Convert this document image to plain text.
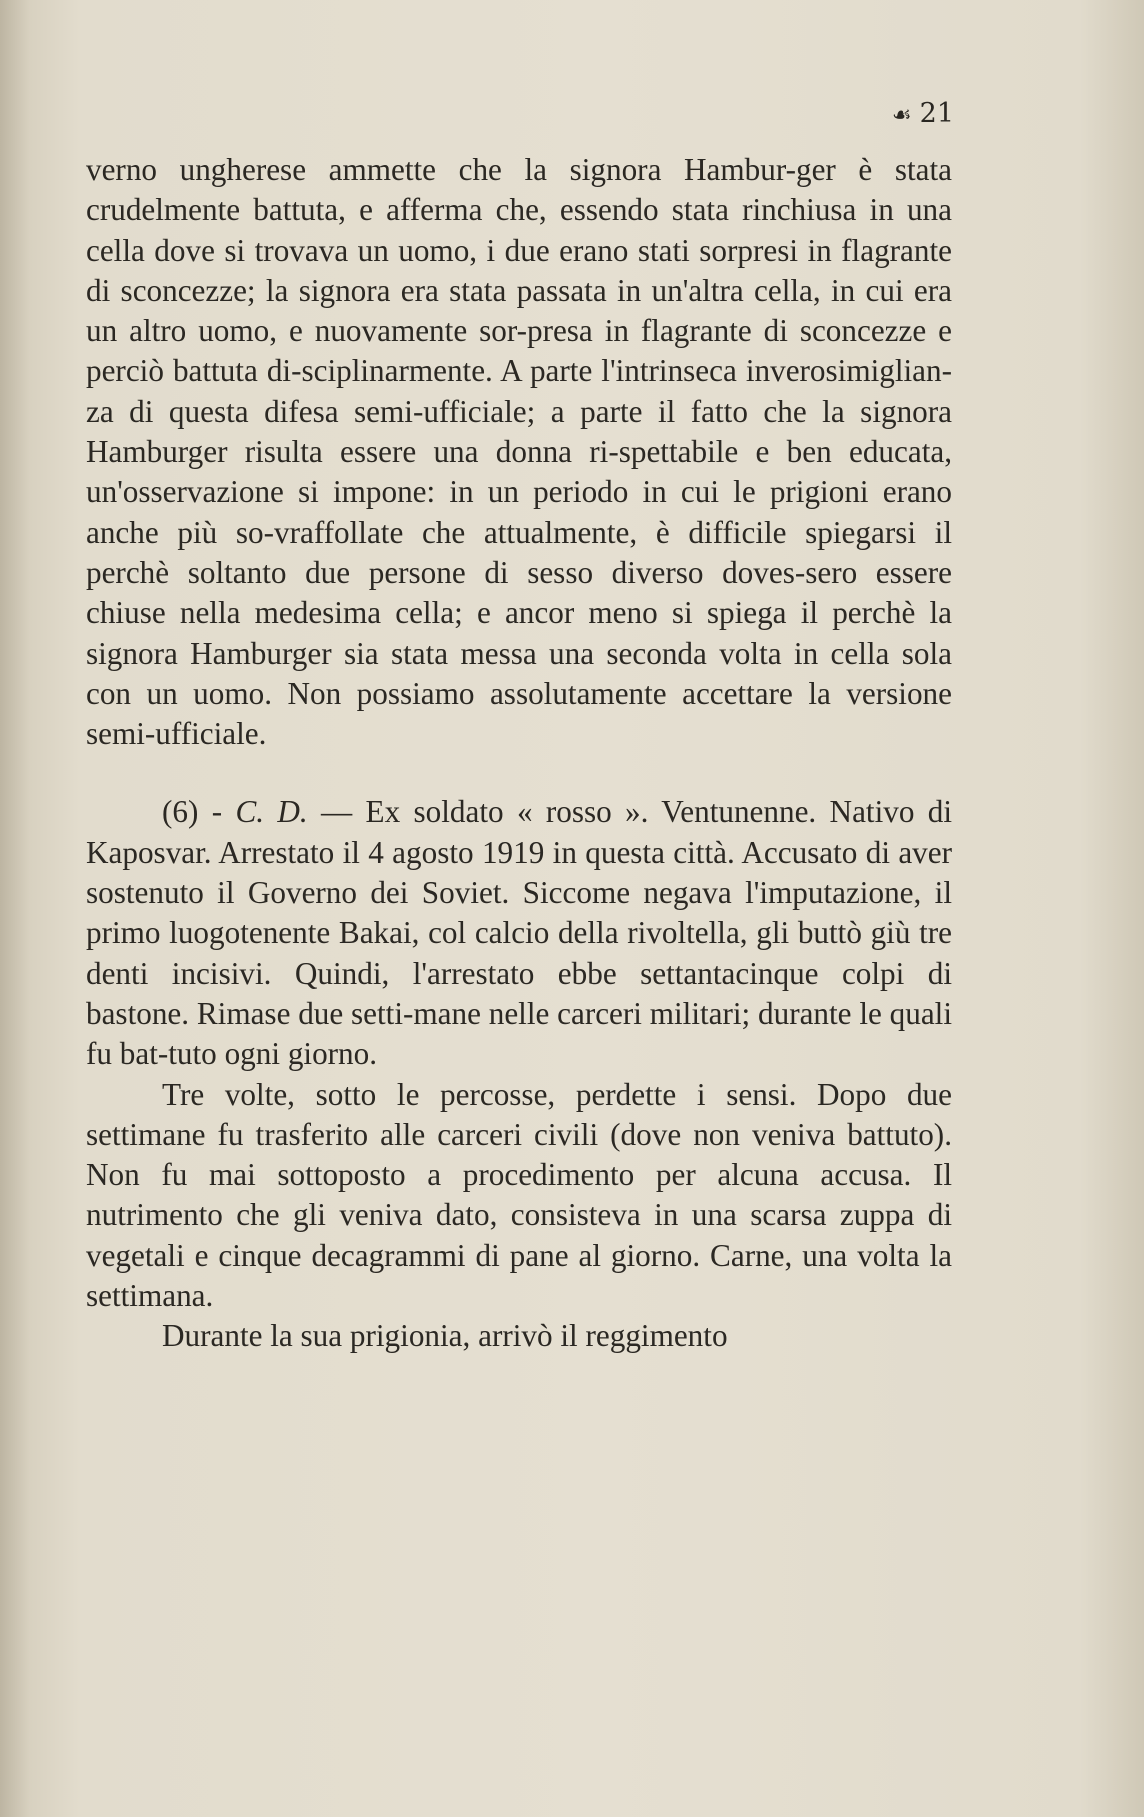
☙ 21

verno ungherese ammette che la signora Hambur-ger è stata crudelmente battuta, e afferma che, essendo stata rinchiusa in una cella dove si trovava un uomo, i due erano stati sorpresi in flagrante di sconcezze; la signora era stata passata in un'altra cella, in cui era un altro uomo, e nuovamente sor-presa in flagrante di sconcezze e perciò battuta di-sciplinarmente. A parte l'intrinseca inverosimiglian-za di questa difesa semi-ufficiale; a parte il fatto che la signora Hamburger risulta essere una donna ri-spettabile e ben educata, un'osservazione si impone: in un periodo in cui le prigioni erano anche più so-vraffollate che attualmente, è difficile spiegarsi il perchè soltanto due persone di sesso diverso doves-sero essere chiuse nella medesima cella; e ancor meno si spiega il perchè la signora Hamburger sia stata messa una seconda volta in cella sola con un uomo. Non possiamo assolutamente accettare la versione semi-ufficiale.

(6) - C. D. — Ex soldato « rosso ». Ventunenne. Nativo di Kaposvar. Arrestato il 4 agosto 1919 in questa città. Accusato di aver sostenuto il Governo dei Soviet. Siccome negava l'imputazione, il primo luogotenente Bakai, col calcio della rivoltella, gli buttò giù tre denti incisivi. Quindi, l'arrestato ebbe settantacinque colpi di bastone. Rimase due setti-mane nelle carceri militari; durante le quali fu bat-tuto ogni giorno.

Tre volte, sotto le percosse, perdette i sensi. Dopo due settimane fu trasferito alle carceri civili (dove non veniva battuto). Non fu mai sottoposto a procedimento per alcuna accusa. Il nutrimento che gli veniva dato, consisteva in una scarsa zuppa di vegetali e cinque decagrammi di pane al giorno. Carne, una volta la settimana.

Durante la sua prigionia, arrivò il reggimento
